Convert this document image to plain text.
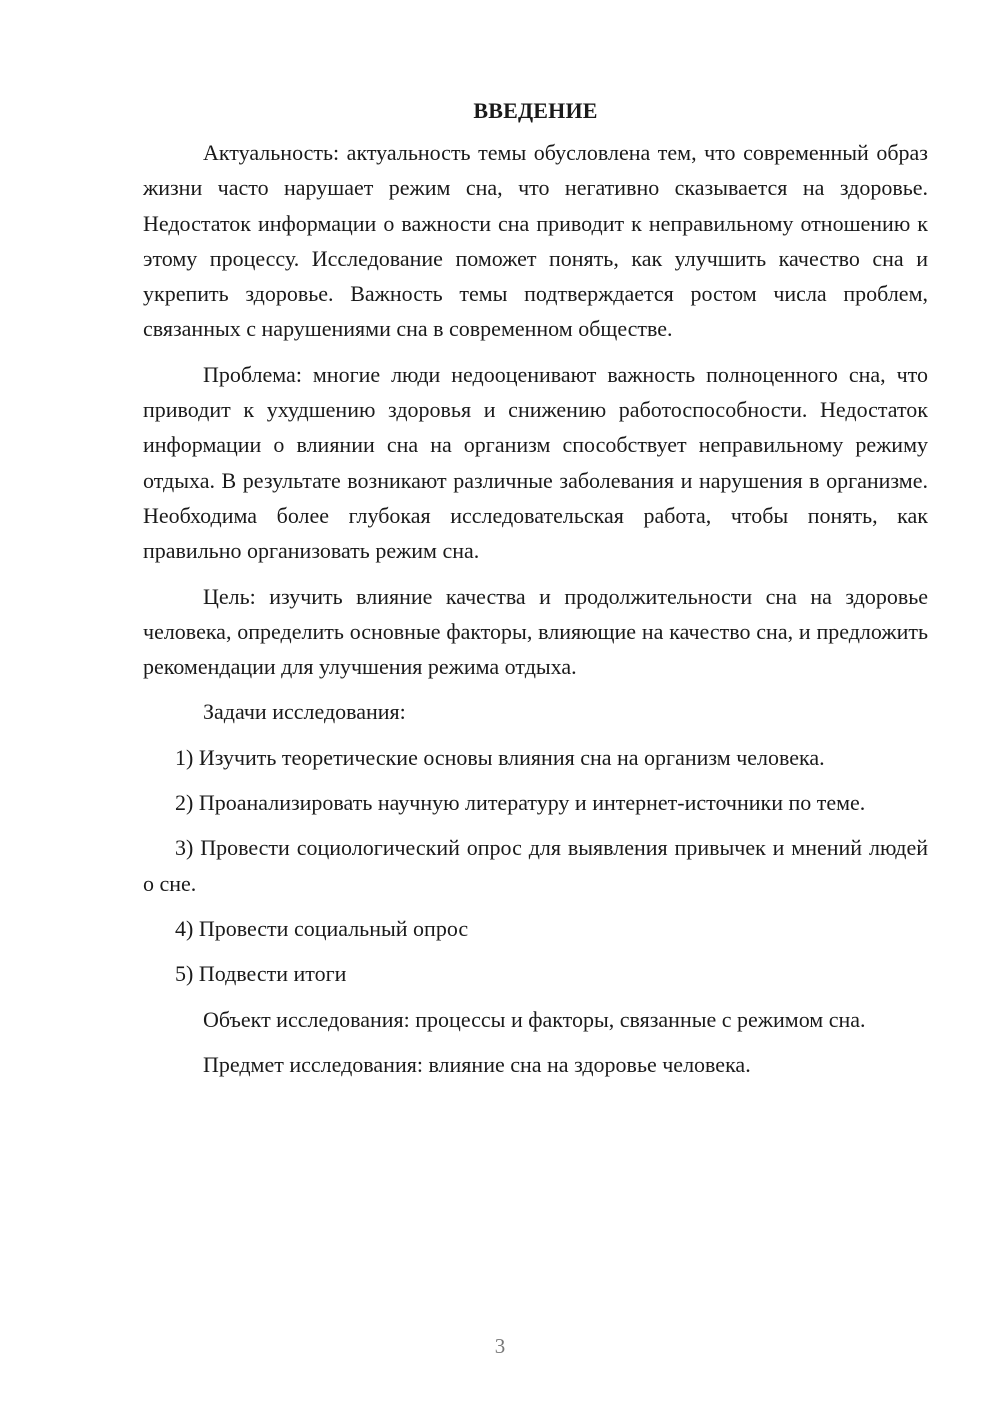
ВВЕДЕНИЕ

Актуальность: актуальность темы обусловлена тем, что современный образ жизни часто нарушает режим сна, что негативно сказывается на здоровье. Недостаток информации о важности сна приводит к неправильному отношению к этому процессу. Исследование поможет понять, как улучшить качество сна и укрепить здоровье. Важность темы подтверждается ростом числа проблем, связанных с нарушениями сна в современном обществе.

Проблема: многие люди недооценивают важность полноценного сна, что приводит к ухудшению здоровья и снижению работоспособности. Недостаток информации о влиянии сна на организм способствует неправильному режиму отдыха. В результате возникают различные заболевания и нарушения в организме. Необходима более глубокая исследовательская работа, чтобы понять, как правильно организовать режим сна.

Цель: изучить влияние качества и продолжительности сна на здоровье человека, определить основные факторы, влияющие на качество сна, и предложить рекомендации для улучшения режима отдыха.

Задачи исследования:

1) Изучить теоретические основы влияния сна на организм человека.

2) Проанализировать научную литературу и интернет-источники по теме.

3) Провести социологический опрос для выявления привычек и мнений людей о сне.

4) Провести социальный опрос

5) Подвести итоги

Объект исследования: процессы и факторы, связанные с режимом сна.

Предмет исследования: влияние сна на здоровье человека.

3
